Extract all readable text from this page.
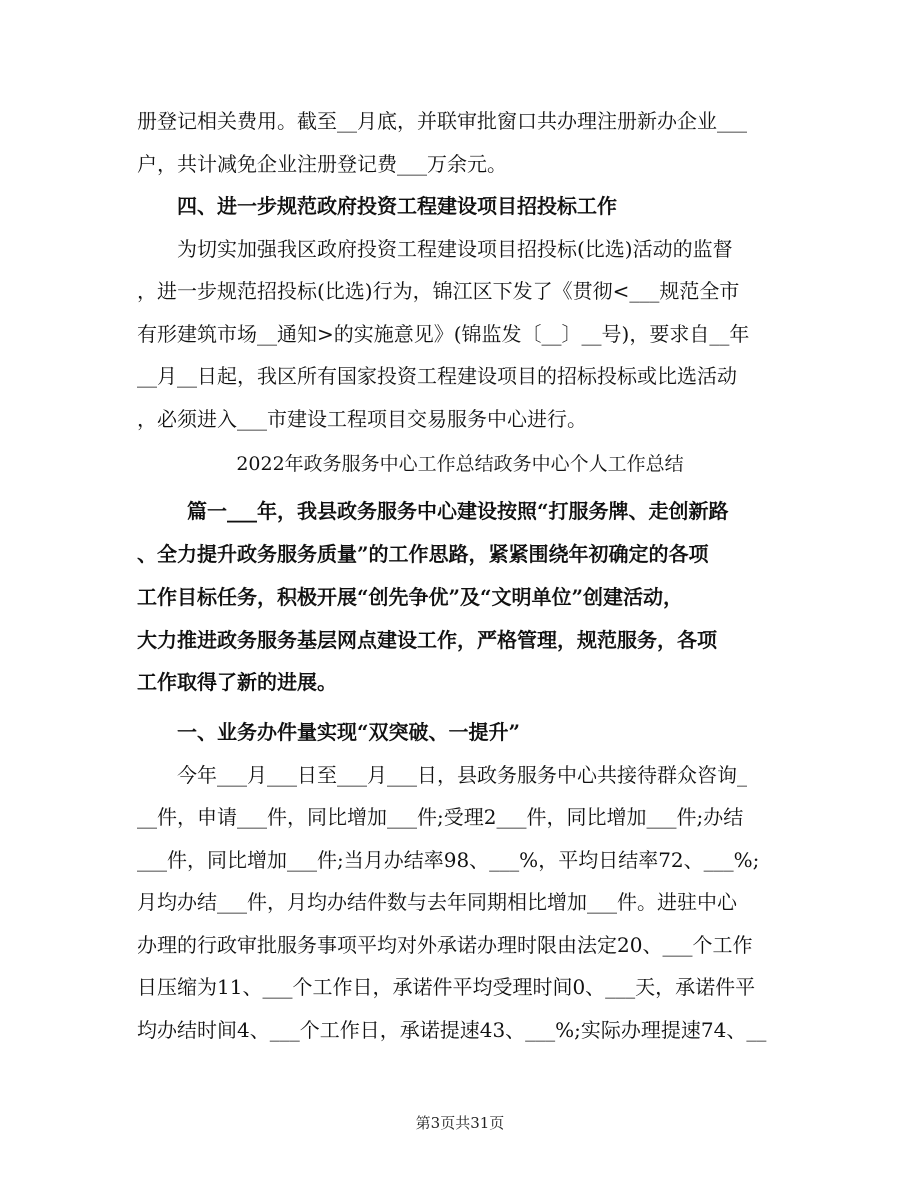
册登记相关费用。截至__月底，并联审批窗口共办理注册新办企业___
户，共计减免企业注册登记费___万余元。
四、进一步规范政府投资工程建设项目招投标工作
为切实加强我区政府投资工程建设项目招投标(比选)活动的监督
，进一步规范招投标(比选)行为，锦江区下发了《贯彻<___规范全市
有形建筑市场__通知>的实施意见》(锦监发〔__〕__号)，要求自__年
__月__日起，我区所有国家投资工程建设项目的招标投标或比选活动
，必须进入___市建设工程项目交易服务中心进行。
2022年政务服务中心工作总结政务中心个人工作总结
篇一___年，我县政务服务中心建设按照“打服务牌、走创新路
、全力提升政务服务质量”的工作思路，紧紧围绕年初确定的各项
工作目标任务，积极开展“创先争优”及“文明单位”创建活动，
大力推进政务服务基层网点建设工作，严格管理，规范服务，各项
工作取得了新的进展。
一、业务办件量实现“双突破、一提升”
今年___月___日至___月___日，县政务服务中心共接待群众咨询_
__件，申请___件，同比增加___件;受理2___件，同比增加___件;办结
___件，同比增加___件;当月办结率98、___%，平均日结率72、___%;
月均办结___件，月均办结件数与去年同期相比增加___件。进驻中心
办理的行政审批服务事项平均对外承诺办理时限由法定20、___个工作
日压缩为11、___个工作日，承诺件平均受理时间0、___天，承诺件平
均办结时间4、___个工作日，承诺提速43、___%;实际办理提速74、__
第3页共31页
